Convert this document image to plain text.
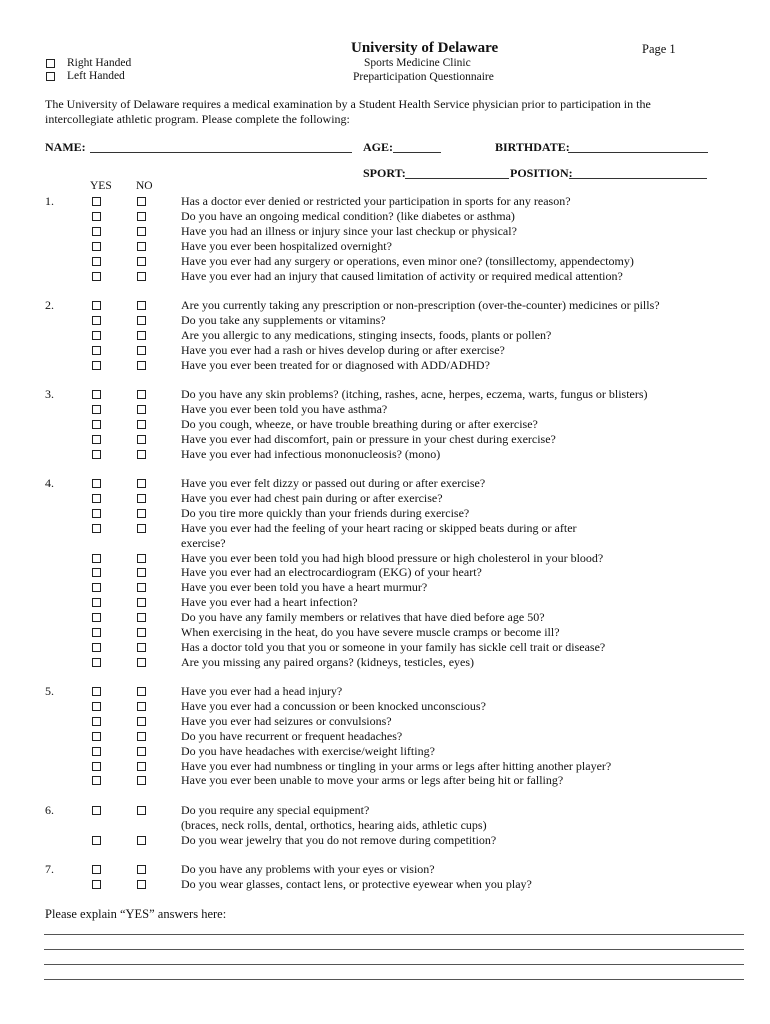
University of Delaware	Page 1
Sports Medicine Clinic
Preparticipation Questionnaire
Right Handed
Left Handed
The University of Delaware requires a medical examination by a Student Health Service physician prior to participation in the
intercollegiate athletic program. Please complete the following:
NAME:	AGE:	BIRTHDATE:
SPORT:	POSITION:
YES NO
1.	Has a doctor ever denied or restricted your participation in sports for any reason?
Do you have an ongoing medical condition? (like diabetes or asthma)
Have you had an illness or injury since your last checkup or physical?
Have you ever been hospitalized overnight?
Have you ever had any surgery or operations, even minor one? (tonsillectomy, appendectomy)
Have you ever had an injury that caused limitation of activity or required medical attention?
2.	Are you currently taking any prescription or non-prescription (over-the-counter) medicines or pills?
Do you take any supplements or vitamins?
Are you allergic to any medications, stinging insects, foods, plants or pollen?
Have you ever had a rash or hives develop during or after exercise?
Have you ever been treated for or diagnosed with ADD/ADHD?
3.	Do you have any skin problems? (itching, rashes, acne, herpes, eczema, warts, fungus or blisters)
Have you ever been told you have asthma?
Do you cough, wheeze, or have trouble breathing during or after exercise?
Have you ever had discomfort, pain or pressure in your chest during exercise?
Have you ever had infectious mononucleosis? (mono)
4.	Have you ever felt dizzy or passed out during or after exercise?
Have you ever had chest pain during or after exercise?
Do you tire more quickly than your friends during exercise?
Have you ever had the feeling of your heart racing or skipped beats during or after
exercise?
Have you ever been told you had high blood pressure or high cholesterol in your blood?
Have you ever had an electrocardiogram (EKG) of your heart?
Have you ever been told you have a heart murmur?
Have you ever had a heart infection?
Do you have any family members or relatives that have died before age 50?
When exercising in the heat, do you have severe muscle cramps or become ill?
Has a doctor told you that you or someone in your family has sickle cell trait or disease?
Are you missing any paired organs? (kidneys, testicles, eyes)
5.	Have you ever had a head injury?
Have you ever had a concussion or been knocked unconscious?
Have you ever had seizures or convulsions?
Do you have recurrent or frequent headaches?
Do you have headaches with exercise/weight lifting?
Have you ever had numbness or tingling in your arms or legs after hitting another player?
Have you ever been unable to move your arms or legs after being hit or falling?
6.	Do you require any special equipment?
(braces, neck rolls, dental, orthotics, hearing aids, athletic cups)
Do you wear jewelry that you do not remove during competition?
7.	Do you have any problems with your eyes or vision?
Do you wear glasses, contact lens, or protective eyewear when you play?
Please explain “YES” answers here:
